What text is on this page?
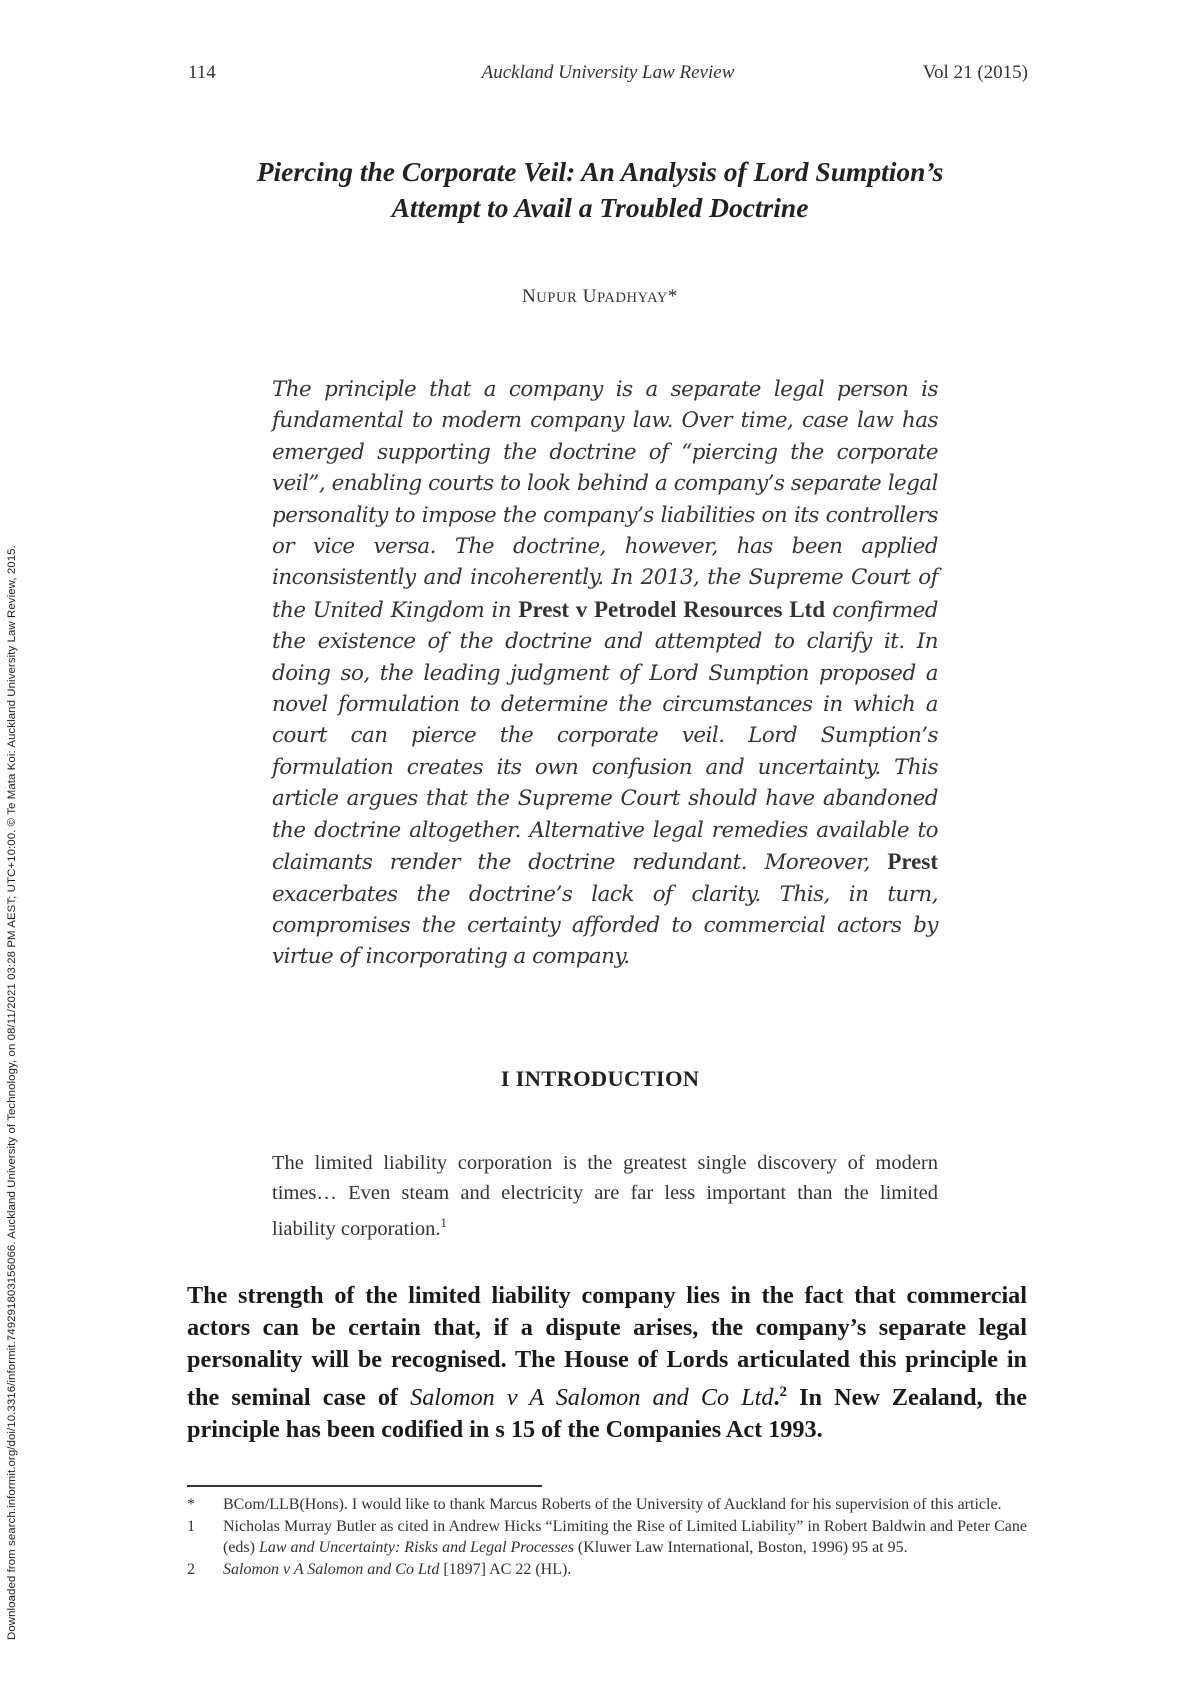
Downloaded from search.informit.org/doi/10.3316/informit.749291803156066. Auckland University of Technology, on 08/11/2021 03:28 PM AEST; UTC+10:00. © Te Mata Koi: Auckland University Law Review, 2015.
114	Auckland University Law Review	Vol 21 (2015)
Piercing the Corporate Veil: An Analysis of Lord Sumption’s
Attempt to Avail a Troubled Doctrine
NUPUR UPADHYAY*
The principle that a company is a separate legal person is fundamental to modern company law. Over time, case law has emerged supporting the doctrine of “piercing the corporate veil”, enabling courts to look behind a company’s separate legal personality to impose the company’s liabilities on its controllers or vice versa. The doctrine, however, has been applied inconsistently and incoherently. In 2013, the Supreme Court of the United Kingdom in Prest v Petrodel Resources Ltd confirmed the existence of the doctrine and attempted to clarify it. In doing so, the leading judgment of Lord Sumption proposed a novel formulation to determine the circumstances in which a court can pierce the corporate veil. Lord Sumption’s formulation creates its own confusion and uncertainty. This article argues that the Supreme Court should have abandoned the doctrine altogether. Alternative legal remedies available to claimants render the doctrine redundant. Moreover, Prest exacerbates the doctrine’s lack of clarity. This, in turn, compromises the certainty afforded to commercial actors by virtue of incorporating a company.
I INTRODUCTION
The limited liability corporation is the greatest single discovery of modern times… Even steam and electricity are far less important than the limited liability corporation.$^1$
The strength of the limited liability company lies in the fact that commercial actors can be certain that, if a dispute arises, the company’s separate legal personality will be recognised. The House of Lords articulated this principle in the seminal case of Salomon v A Salomon and Co Ltd.$^2$ In New Zealand, the principle has been codified in s 15 of the Companies Act 1993.
* BCom/LLB(Hons). I would like to thank Marcus Roberts of the University of Auckland for his supervision of this article.
1 Nicholas Murray Butler as cited in Andrew Hicks “Limiting the Rise of Limited Liability” in Robert Baldwin and Peter Cane (eds) Law and Uncertainty: Risks and Legal Processes (Kluwer Law International, Boston, 1996) 95 at 95.
2 Salomon v A Salomon and Co Ltd [1897] AC 22 (HL).
